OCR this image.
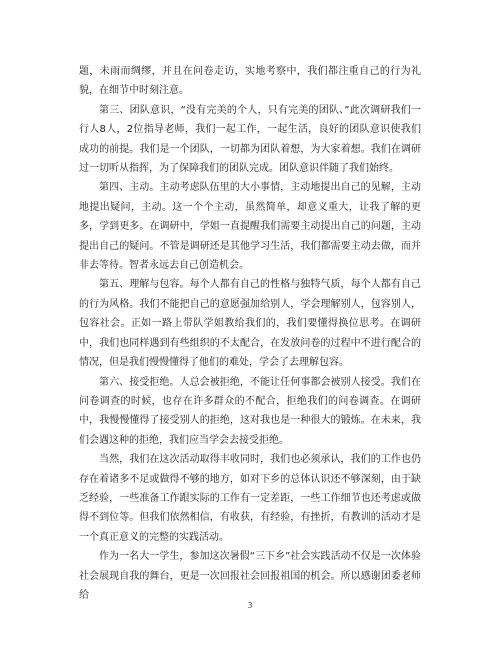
题，未雨而绸缪，并且在问卷走访，实地考察中，我们都注重自己的行为礼貌，在细节中时刻注意。

第三、团队意识，“没有完美的个人，只有完美的团队、”此次调研我们一行人8人，2位指导老师，我们一起工作，一起生活，良好的团队意识使我们成功的前提。我们是一个团队，一切都为团队着想，为大家着想。我们在调研过一切听从指挥，为了保障我们的团队完成。团队意识伴随了我们始终。

第四、主动。主动考虑队伍里的大小事情，主动地提出自己的见解，主动地提出疑问，主动。这一个个主动，虽然简单，却意义重大，让我了解的更多，学到更多。在调研中，学姐一直提醒我们需要主动提出自己的问题，主动提出自己的疑问。不管是调研还是其他学习生活，我们都需要主动去做，而并非去等待。智者永远去自己创造机会。

第五、理解与包容。每个人都有自己的性格与独特气质，每个人都有自己的行为风格。我们不能把自己的意愿强加给别人，学会理解别人，包容别人，包容社会。正如一路上带队学姐教给我们的，我们要懂得换位思考。在调研中，我们也同样遇到有些组织的不太配合，在发放问卷的过程中不进行配合的情况，但是我们慢慢懂得了他们的难处，学会了去理解包容。

第六、接受拒绝。人总会被拒绝，不能让任何事都会被别人接受。我们在问卷调查的时候，也存在许多群众的不配合，拒绝我们的问卷调查。在调研中，我慢慢懂得了接受别人的拒绝，这对我也是一种很大的锻炼。在未来，我们会遇这种的拒绝，我们应当学会去接受拒绝。

当然，我们在这次活动取得丰收同时，我们也必须承认，我们的工作也仍存在着诸多不足或做得不够的地方，如对下乡的总体认识还不够深刻，由于缺乏经验，一些准备工作跟实际的工作有一定差距，一些工作细节也还考虑或做得不到位等。但我们依然相信，有收获，有经验，有挫折，有教训的活动才是一个真正意义的完整的实践活动。

作为一名大一学生，参加这次暑假“三下乡”社会实践活动不仅是一次体验社会展现自我的舞台，更是一次回报社会回报祖国的机会。所以感谢团委老师给

3
